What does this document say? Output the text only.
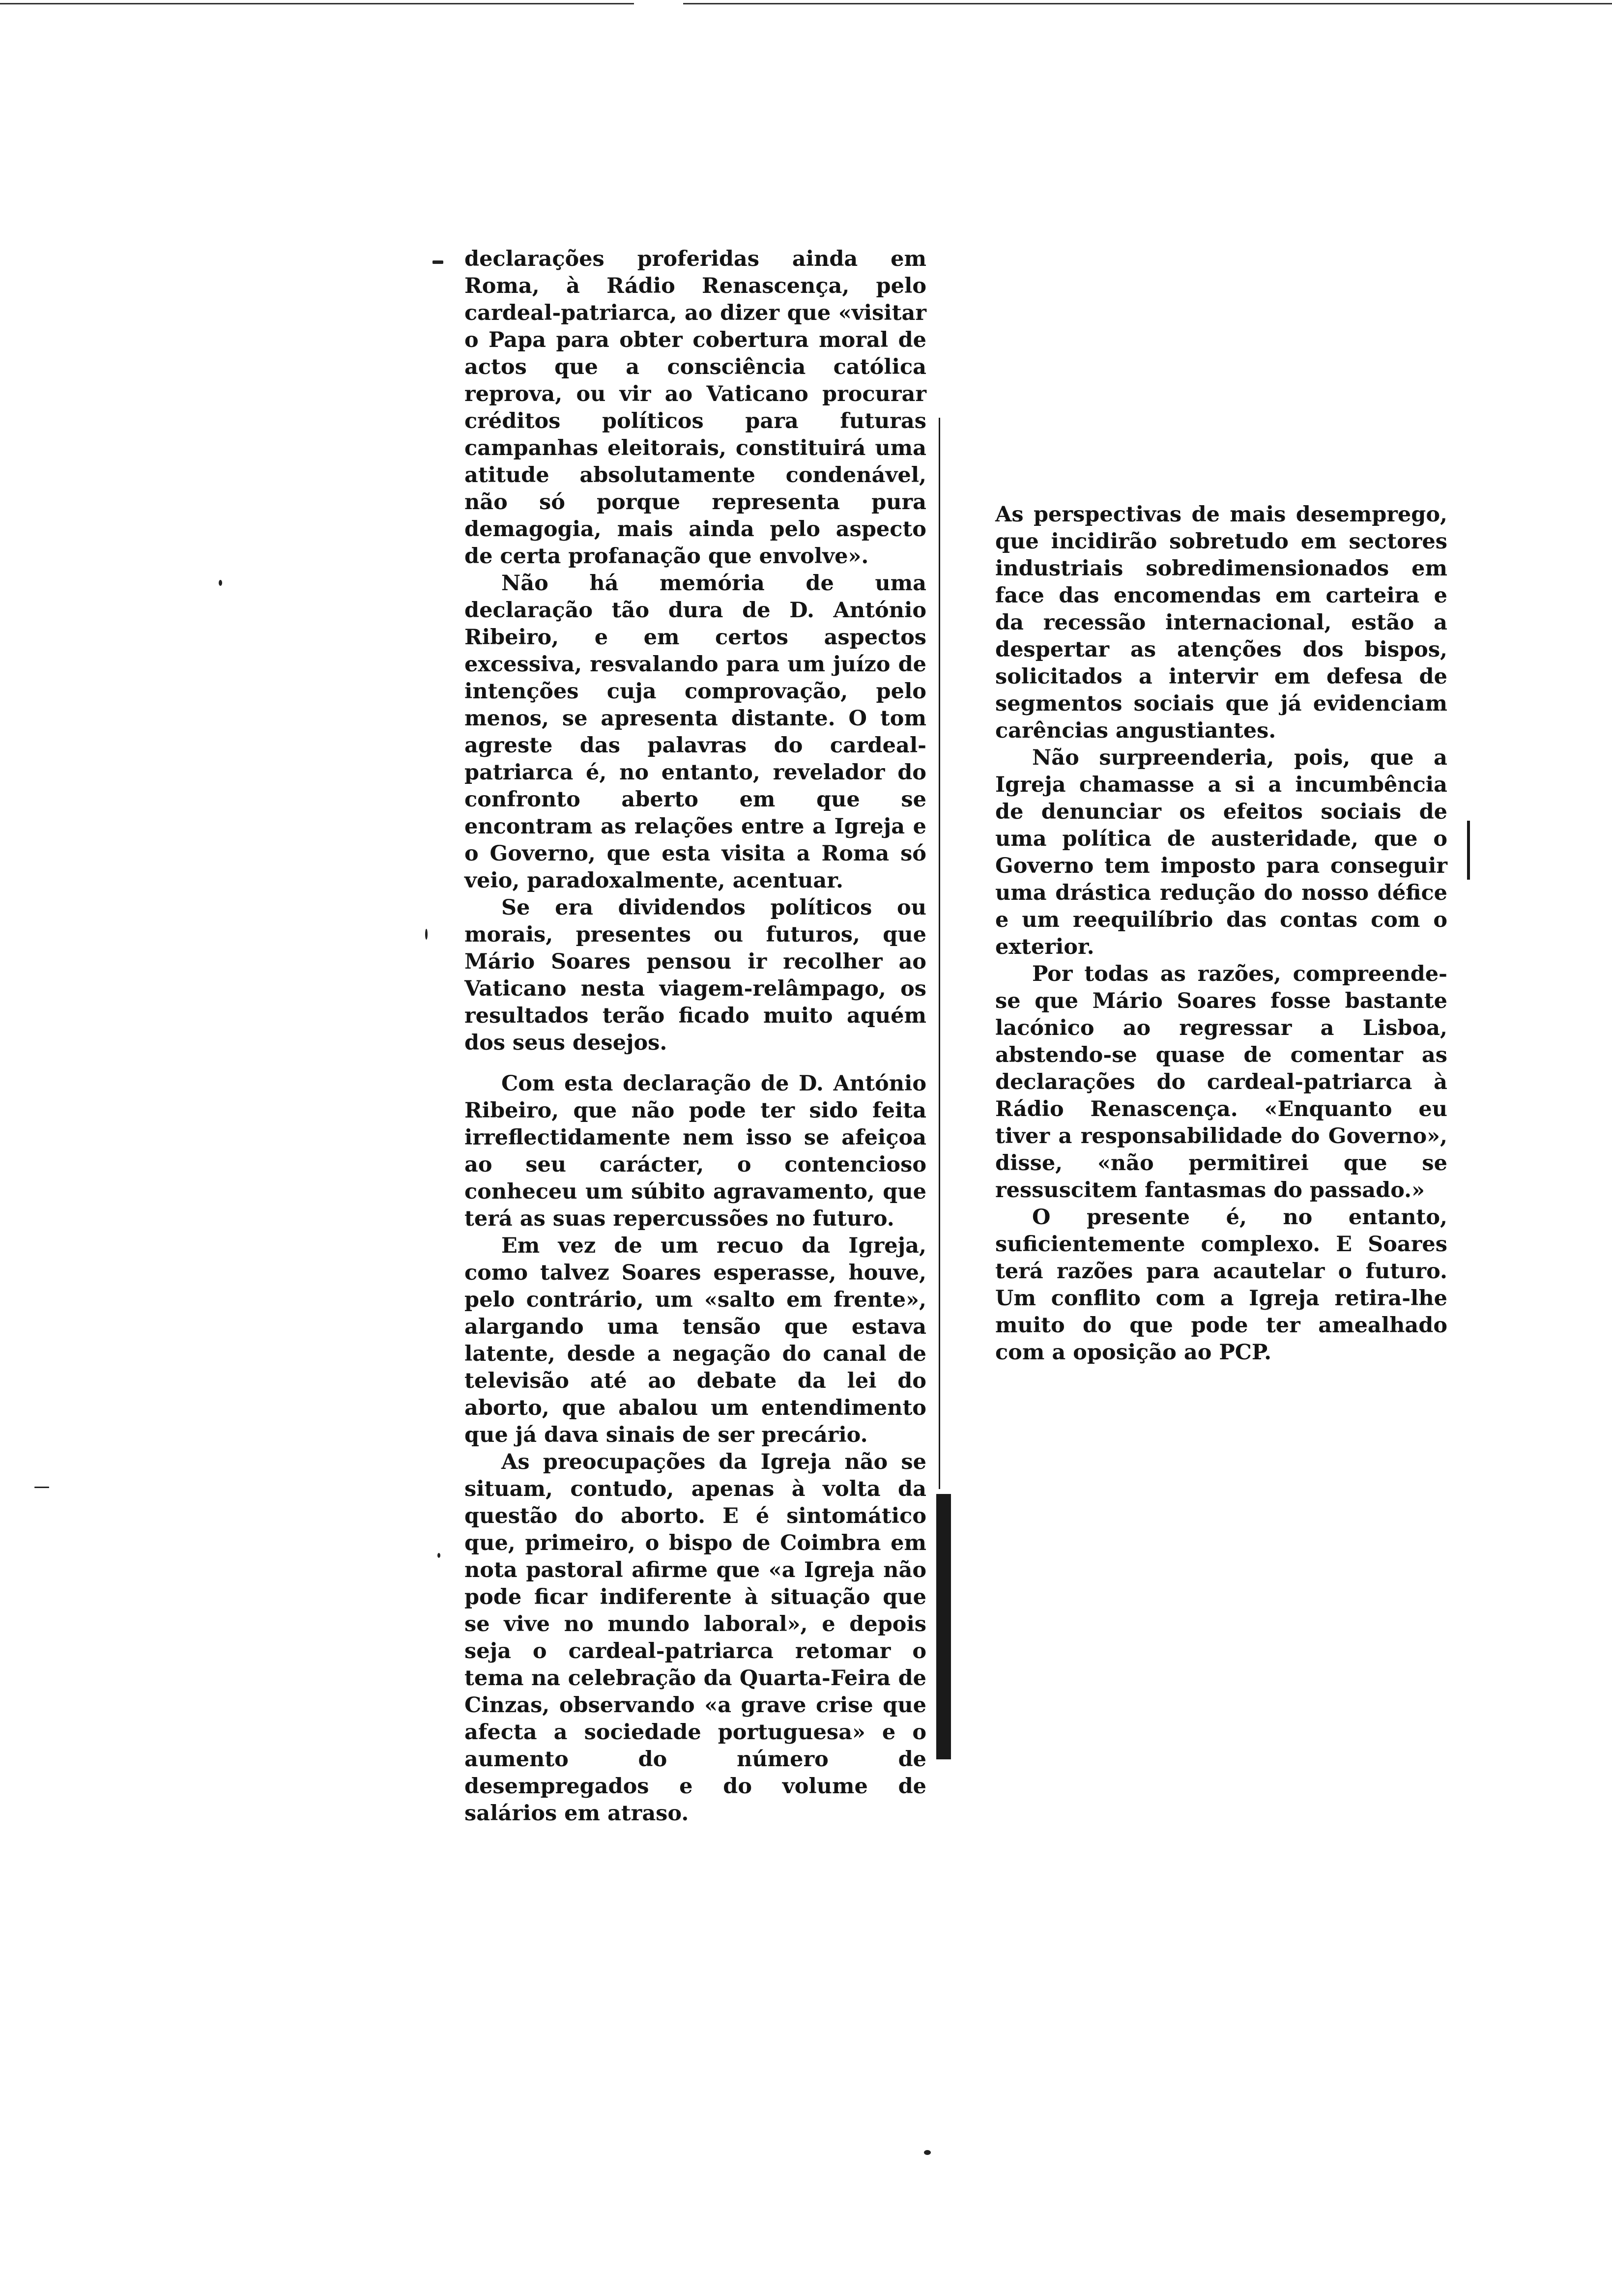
declarações proferidas ainda em Roma, à Rádio Renascença, pelo cardeal-patriarca, ao dizer que «visitar o Papa para obter cobertura moral de actos que a consciência católica reprova, ou vir ao Vaticano procurar créditos políticos para futuras campanhas eleitorais, constituirá uma atitude absolutamente condenável, não só porque representa pura demagogia, mais ainda pelo aspecto de certa profanação que envolve».

Não há memória de uma declaração tão dura de D. António Ribeiro, e em certos aspectos excessiva, resvalando para um juízo de intenções cuja comprovação, pelo menos, se apresenta distante. O tom agreste das palavras do cardeal-patriarca é, no entanto, revelador do confronto aberto em que se encontram as relações entre a Igreja e o Governo, que esta visita a Roma só veio, paradoxalmente, acentuar.

Se era dividendos políticos ou morais, presentes ou futuros, que Mário Soares pensou ir recolher ao Vaticano nesta viagem-relâmpago, os resultados terão ficado muito aquém dos seus desejos.

Com esta declaração de D. António Ribeiro, que não pode ter sido feita irreflectidamente nem isso se afeiçoa ao seu carácter, o contencioso conheceu um súbito agravamento, que terá as suas repercussões no futuro.

Em vez de um recuo da Igreja, como talvez Soares esperasse, houve, pelo contrário, um «salto em frente», alargando uma tensão que estava latente, desde a negação do canal de televisão até ao debate da lei do aborto, que abalou um entendimento que já dava sinais de ser precário.

As preocupações da Igreja não se situam, contudo, apenas à volta da questão do aborto. E é sintomático que, primeiro, o bispo de Coimbra em nota pastoral afirme que «a Igreja não pode ficar indiferente à situação que se vive no mundo laboral», e depois seja o cardeal-patriarca retomar o tema na celebração da Quarta-Feira de Cinzas, observando «a grave crise que afecta a sociedade portuguesa» e o aumento do número de desempregados e do volume de salários em atraso.

As perspectivas de mais desemprego, que incidirão sobretudo em sectores industriais sobredimensionados em face das encomendas em carteira e da recessão internacional, estão a despertar as atenções dos bispos, solicitados a intervir em defesa de segmentos sociais que já evidenciam carências angustiantes.

Não surpreenderia, pois, que a Igreja chamasse a si a incumbência de denunciar os efeitos sociais de uma política de austeridade, que o Governo tem imposto para conseguir uma drástica redução do nosso défice e um reequilíbrio das contas com o exterior.

Por todas as razões, compreende-se que Mário Soares fosse bastante lacónico ao regressar a Lisboa, abstendo-se quase de comentar as declarações do cardeal-patriarca à Rádio Renascença. «Enquanto eu tiver a responsabilidade do Governo», disse, «não permitirei que se ressuscitem fantasmas do passado.»

O presente é, no entanto, suficientemente complexo. E Soares terá razões para acautelar o futuro. Um conflito com a Igreja retira-lhe muito do que pode ter amealhado com a oposição ao PCP.
